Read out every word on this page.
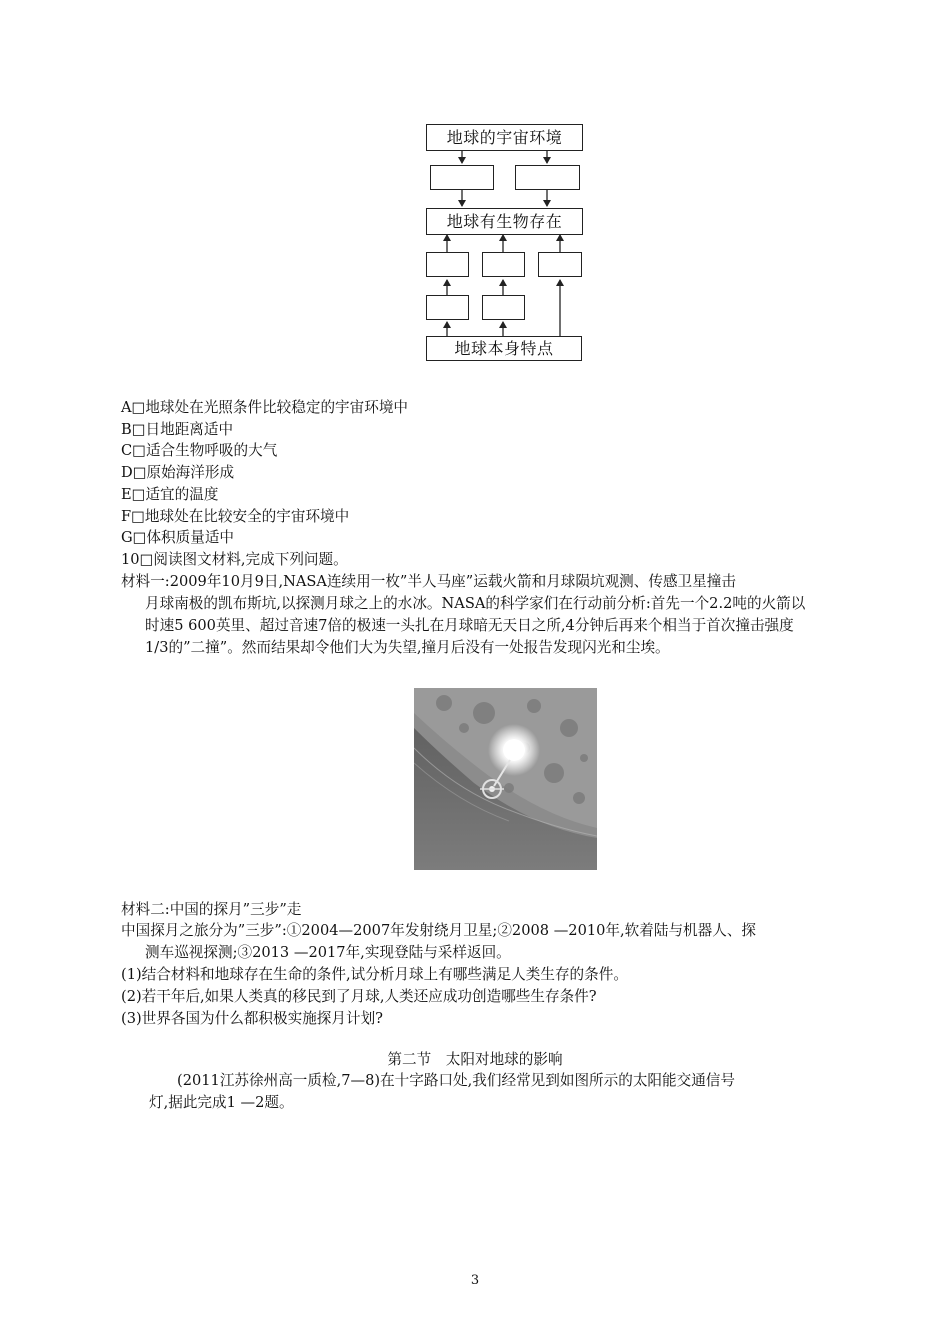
地球的宇宙环境
地球有生物存在
地球本身特点
A□地球处在光照条件比较稳定的宇宙环境中
B□日地距离适中
C□适合生物呼吸的大气
D□原始海洋形成
E□适宜的温度
F□地球处在比较安全的宇宙环境中
G□体积质量适中
10□阅读图文材料,完成下列问题。
材料一:2009年10月9日,NASA连续用一枚”半人马座”运载火箭和月球陨坑观测、传感卫星撞击
月球南极的凯布斯坑,以探测月球之上的水冰。NASA的科学家们在行动前分析:首先一个2.2吨的火箭以时速5 600英里、超过音速7倍的极速一头扎在月球暗无天日之所,4分钟后再来个相当于首次撞击强度1/3的”二撞”。然而结果却令他们大为失望,撞月后没有一处报告发现闪光和尘埃。
材料二:中国的探月”三步”走
中国探月之旅分为”三步”:①2004—2007年发射绕月卫星;②2008 —2010年,软着陆与机器人、探
测车巡视探测;③2013 —2017年,实现登陆与采样返回。
(1)结合材料和地球存在生命的条件,试分析月球上有哪些满足人类生存的条件。
(2)若干年后,如果人类真的移民到了月球,人类还应成功创造哪些生存条件?
(3)世界各国为什么都积极实施探月计划?
第二节　太阳对地球的影响
(2011江苏徐州高一质检,7—8)在十字路口处,我们经常见到如图所示的太阳能交通信号
灯,据此完成1 —2题。
3
